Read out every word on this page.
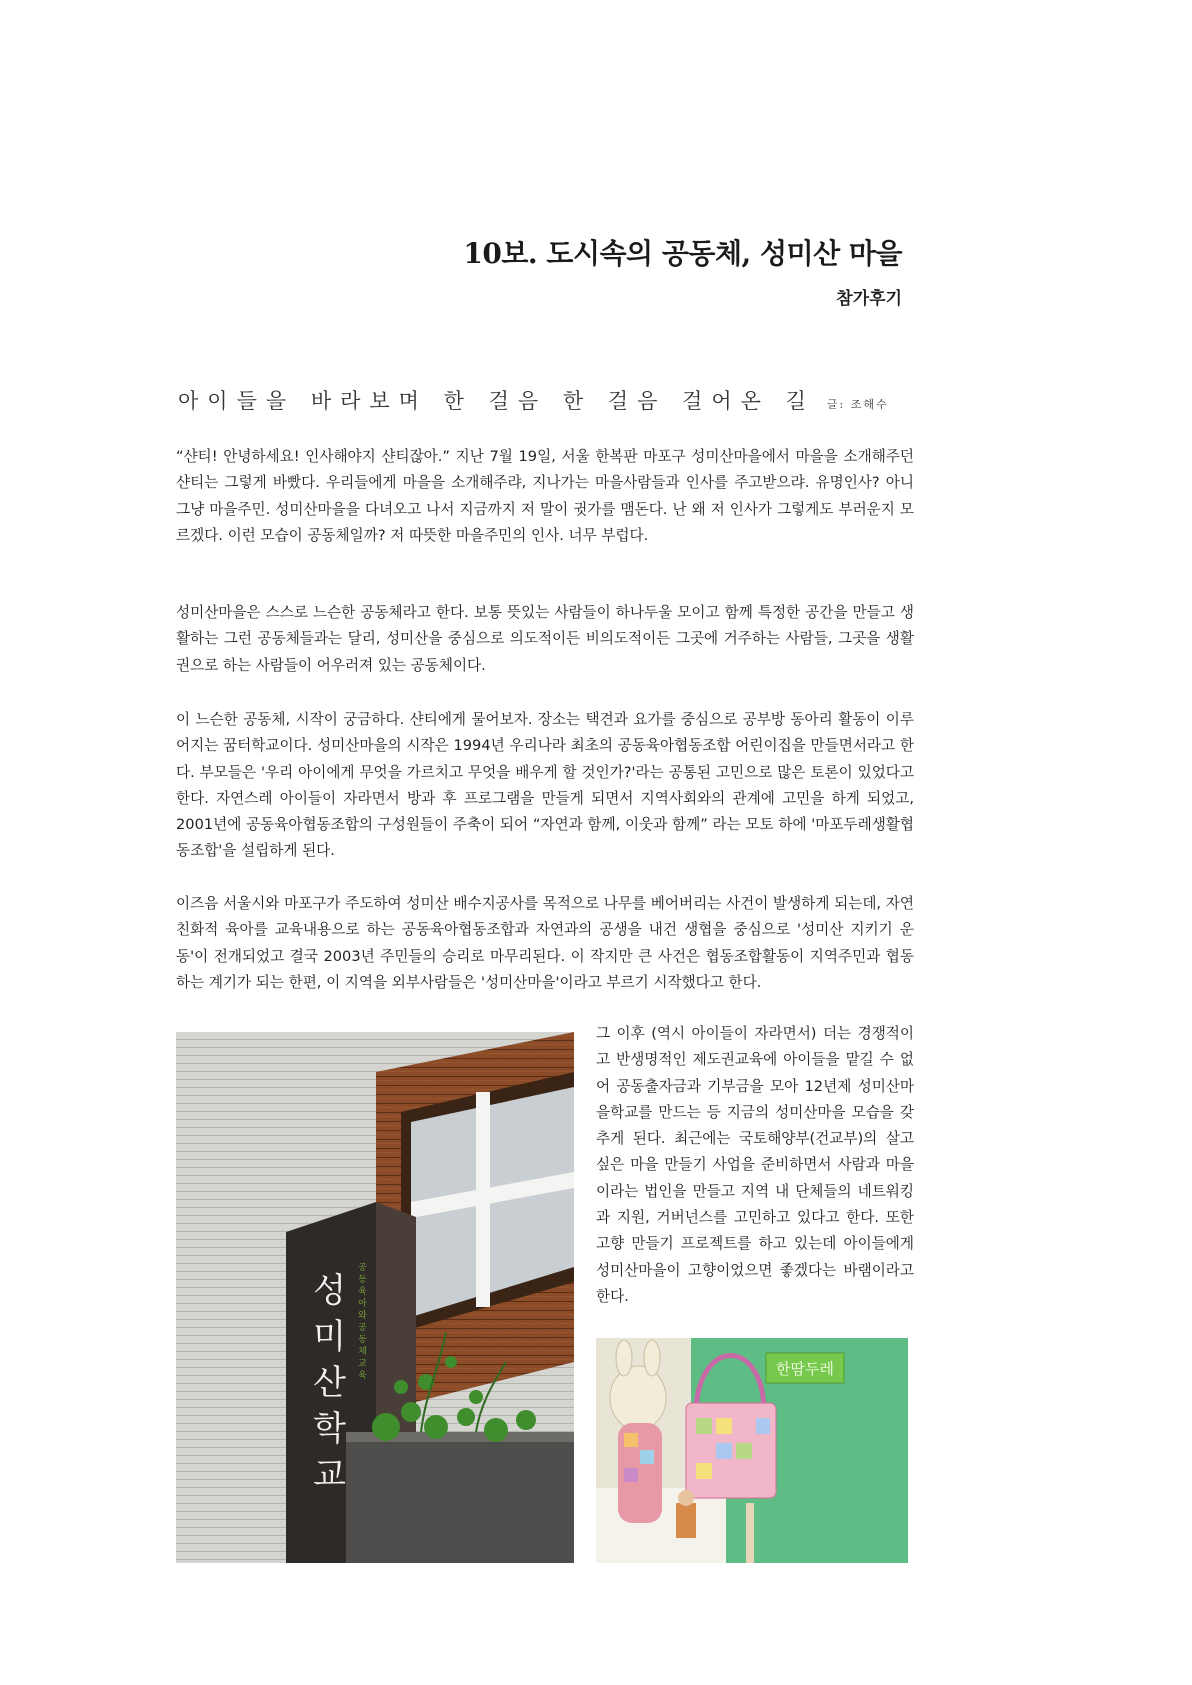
10보. 도시속의 공동체, 성미산 마을
참가후기
아이들을 바라보며 한 걸음 한 걸음 걸어온 길 글: 조해수

“샨티! 안녕하세요! 인사해야지 샨티잖아.” 지난 7월 19일, 서울 한복판 마포구 성미산마을에서 마을을 소개해주던 샨티는 그렇게 바빴다. 우리들에게 마을을 소개해주랴, 지나가는 마을사람들과 인사를 주고받으랴. 유명인사? 아니 그냥 마을주민. 성미산마을을 다녀오고 나서 지금까지 저 말이 귓가를 맴돈다. 난 왜 저 인사가 그렇게도 부러운지 모르겠다. 이런 모습이 공동체일까? 저 따뜻한 마을주민의 인사. 너무 부럽다.

성미산마을은 스스로 느슨한 공동체라고 한다. 보통 뜻있는 사람들이 하나두울 모이고 함께 특정한 공간을 만들고 생활하는 그런 공동체들과는 달리, 성미산을 중심으로 의도적이든 비의도적이든 그곳에 거주하는 사람들, 그곳을 생활권으로 하는 사람들이 어우러져 있는 공동체이다.

이 느슨한 공동체, 시작이 궁금하다. 샨티에게 물어보자. 장소는 택견과 요가를 중심으로 공부방 동아리 활동이 이루어지는 꿈터학교이다. 성미산마을의 시작은 1994년 우리나라 최초의 공동육아협동조합 어린이집을 만들면서라고 한다. 부모들은 '우리 아이에게 무엇을 가르치고 무엇을 배우게 할 것인가?'라는 공통된 고민으로 많은 토론이 있었다고 한다. 자연스레 아이들이 자라면서 방과 후 프로그램을 만들게 되면서 지역사회와의 관계에 고민을 하게 되었고, 2001년에 공동육아협동조합의 구성원들이 주축이 되어 “자연과 함께, 이웃과 함께” 라는 모토 하에 '마포두레생활협동조합'을 설립하게 된다.

이즈음 서울시와 마포구가 주도하여 성미산 배수지공사를 목적으로 나무를 베어버리는 사건이 발생하게 되는데, 자연친화적 육아를 교육내용으로 하는 공동육아협동조합과 자연과의 공생을 내건 생협을 중심으로 '성미산 지키기 운동'이 전개되었고 결국 2003년 주민들의 승리로 마무리된다. 이 작지만 큰 사건은 협동조합활동이 지역주민과 협동하는 계기가 되는 한편, 이 지역을 외부사람들은 '성미산마을'이라고 부르기 시작했다고 한다.

그 이후 (역시 아이들이 자라면서) 더는 경쟁적이고 반생명적인 제도권교육에 아이들을 맡길 수 없어 공동출자금과 기부금을 모아 12년제 성미산마을학교를 만드는 등 지금의 성미산마을 모습을 갖추게 된다. 최근에는 국토해양부(건교부)의 살고 싶은 마을 만들기 사업을 준비하면서 사람과 마을이라는 법인을 만들고 지역 내 단체들의 네트워킹과 지원, 거버넌스를 고민하고 있다고 한다. 또한 고향 만들기 프로젝트를 하고 있는데 아이들에게 성미산마을이 고향이었으면 좋겠다는 바램이라고 한다.

성미산학교 공동육아와공동체교육	한땀두레
